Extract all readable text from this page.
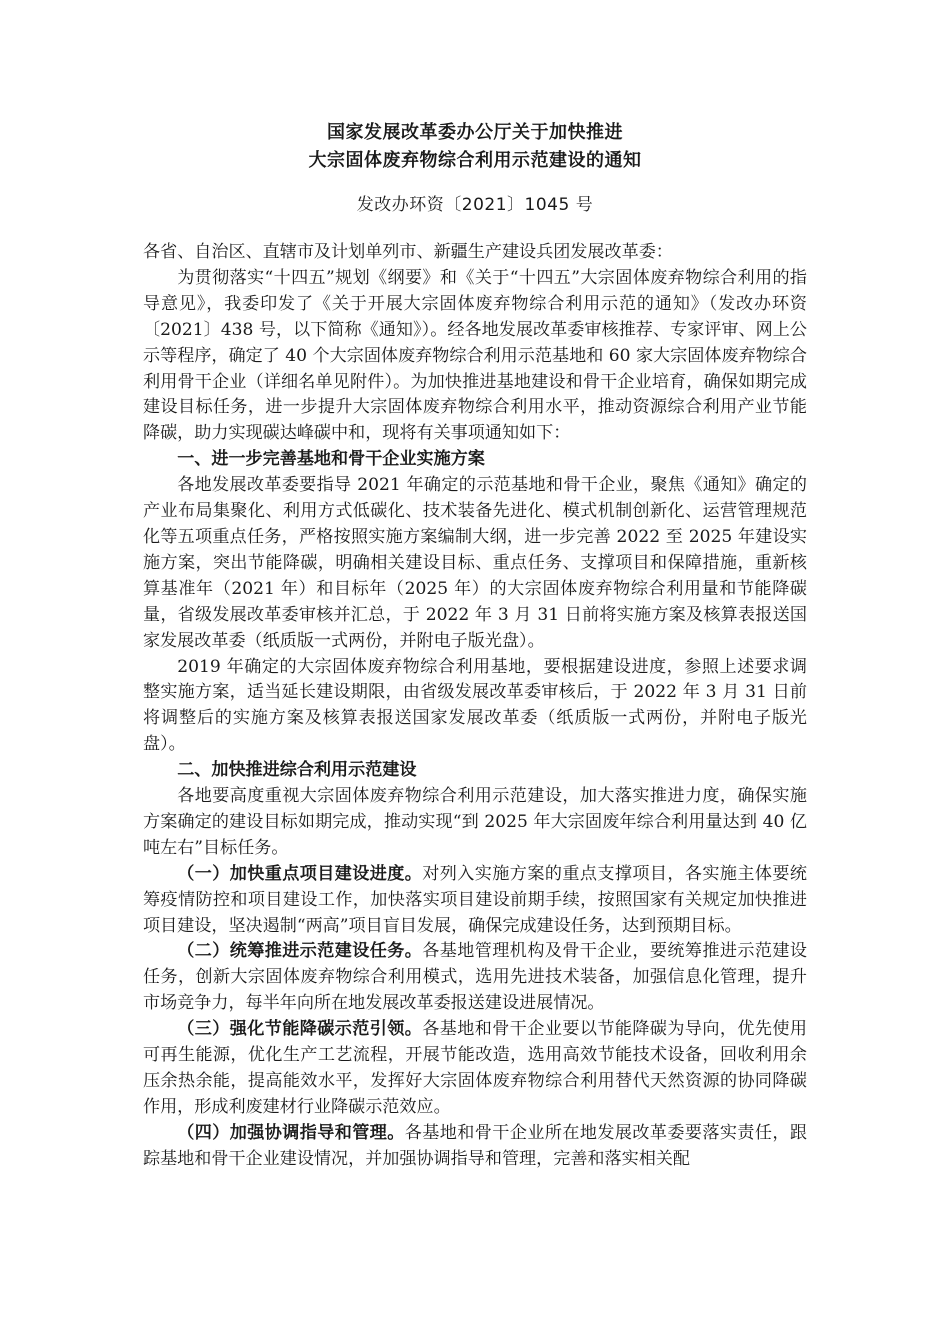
国家发展改革委办公厅关于加快推进
大宗固体废弃物综合利用示范建设的通知
发改办环资〔2021〕1045 号

各省、自治区、直辖市及计划单列市、新疆生产建设兵团发展改革委：

为贯彻落实“十四五”规划《纲要》和《关于“十四五”大宗固体废弃物综合利用的指导意见》，我委印发了《关于开展大宗固体废弃物综合利用示范的通知》（发改办环资〔2021〕438 号，以下简称《通知》）。经各地发展改革委审核推荐、专家评审、网上公示等程序，确定了 40 个大宗固体废弃物综合利用示范基地和 60 家大宗固体废弃物综合利用骨干企业（详细名单见附件）。为加快推进基地建设和骨干企业培育，确保如期完成建设目标任务，进一步提升大宗固体废弃物综合利用水平，推动资源综合利用产业节能降碳，助力实现碳达峰碳中和，现将有关事项通知如下：

一、进一步完善基地和骨干企业实施方案

各地发展改革委要指导 2021 年确定的示范基地和骨干企业，聚焦《通知》确定的产业布局集聚化、利用方式低碳化、技术装备先进化、模式机制创新化、运营管理规范化等五项重点任务，严格按照实施方案编制大纲，进一步完善 2022 至 2025 年建设实施方案，突出节能降碳，明确相关建设目标、重点任务、支撑项目和保障措施，重新核算基准年（2021 年）和目标年（2025 年）的大宗固体废弃物综合利用量和节能降碳量，省级发展改革委审核并汇总，于 2022 年 3 月 31 日前将实施方案及核算表报送国家发展改革委（纸质版一式两份，并附电子版光盘）。

2019 年确定的大宗固体废弃物综合利用基地，要根据建设进度，参照上述要求调整实施方案，适当延长建设期限，由省级发展改革委审核后，于 2022 年 3 月 31 日前将调整后的实施方案及核算表报送国家发展改革委（纸质版一式两份，并附电子版光盘）。

二、加快推进综合利用示范建设

各地要高度重视大宗固体废弃物综合利用示范建设，加大落实推进力度，确保实施方案确定的建设目标如期完成，推动实现“到 2025 年大宗固废年综合利用量达到 40 亿吨左右”目标任务。

（一）加快重点项目建设进度。对列入实施方案的重点支撑项目，各实施主体要统筹疫情防控和项目建设工作，加快落实项目建设前期手续，按照国家有关规定加快推进项目建设，坚决遏制“两高”项目盲目发展，确保完成建设任务，达到预期目标。

（二）统筹推进示范建设任务。各基地管理机构及骨干企业，要统筹推进示范建设任务，创新大宗固体废弃物综合利用模式，选用先进技术装备，加强信息化管理，提升市场竞争力，每半年向所在地发展改革委报送建设进展情况。

（三）强化节能降碳示范引领。各基地和骨干企业要以节能降碳为导向，优先使用可再生能源，优化生产工艺流程，开展节能改造，选用高效节能技术设备，回收利用余压余热余能，提高能效水平，发挥好大宗固体废弃物综合利用替代天然资源的协同降碳作用，形成利废建材行业降碳示范效应。

（四）加强协调指导和管理。各基地和骨干企业所在地发展改革委要落实责任，跟踪基地和骨干企业建设情况，并加强协调指导和管理，完善和落实相关配
